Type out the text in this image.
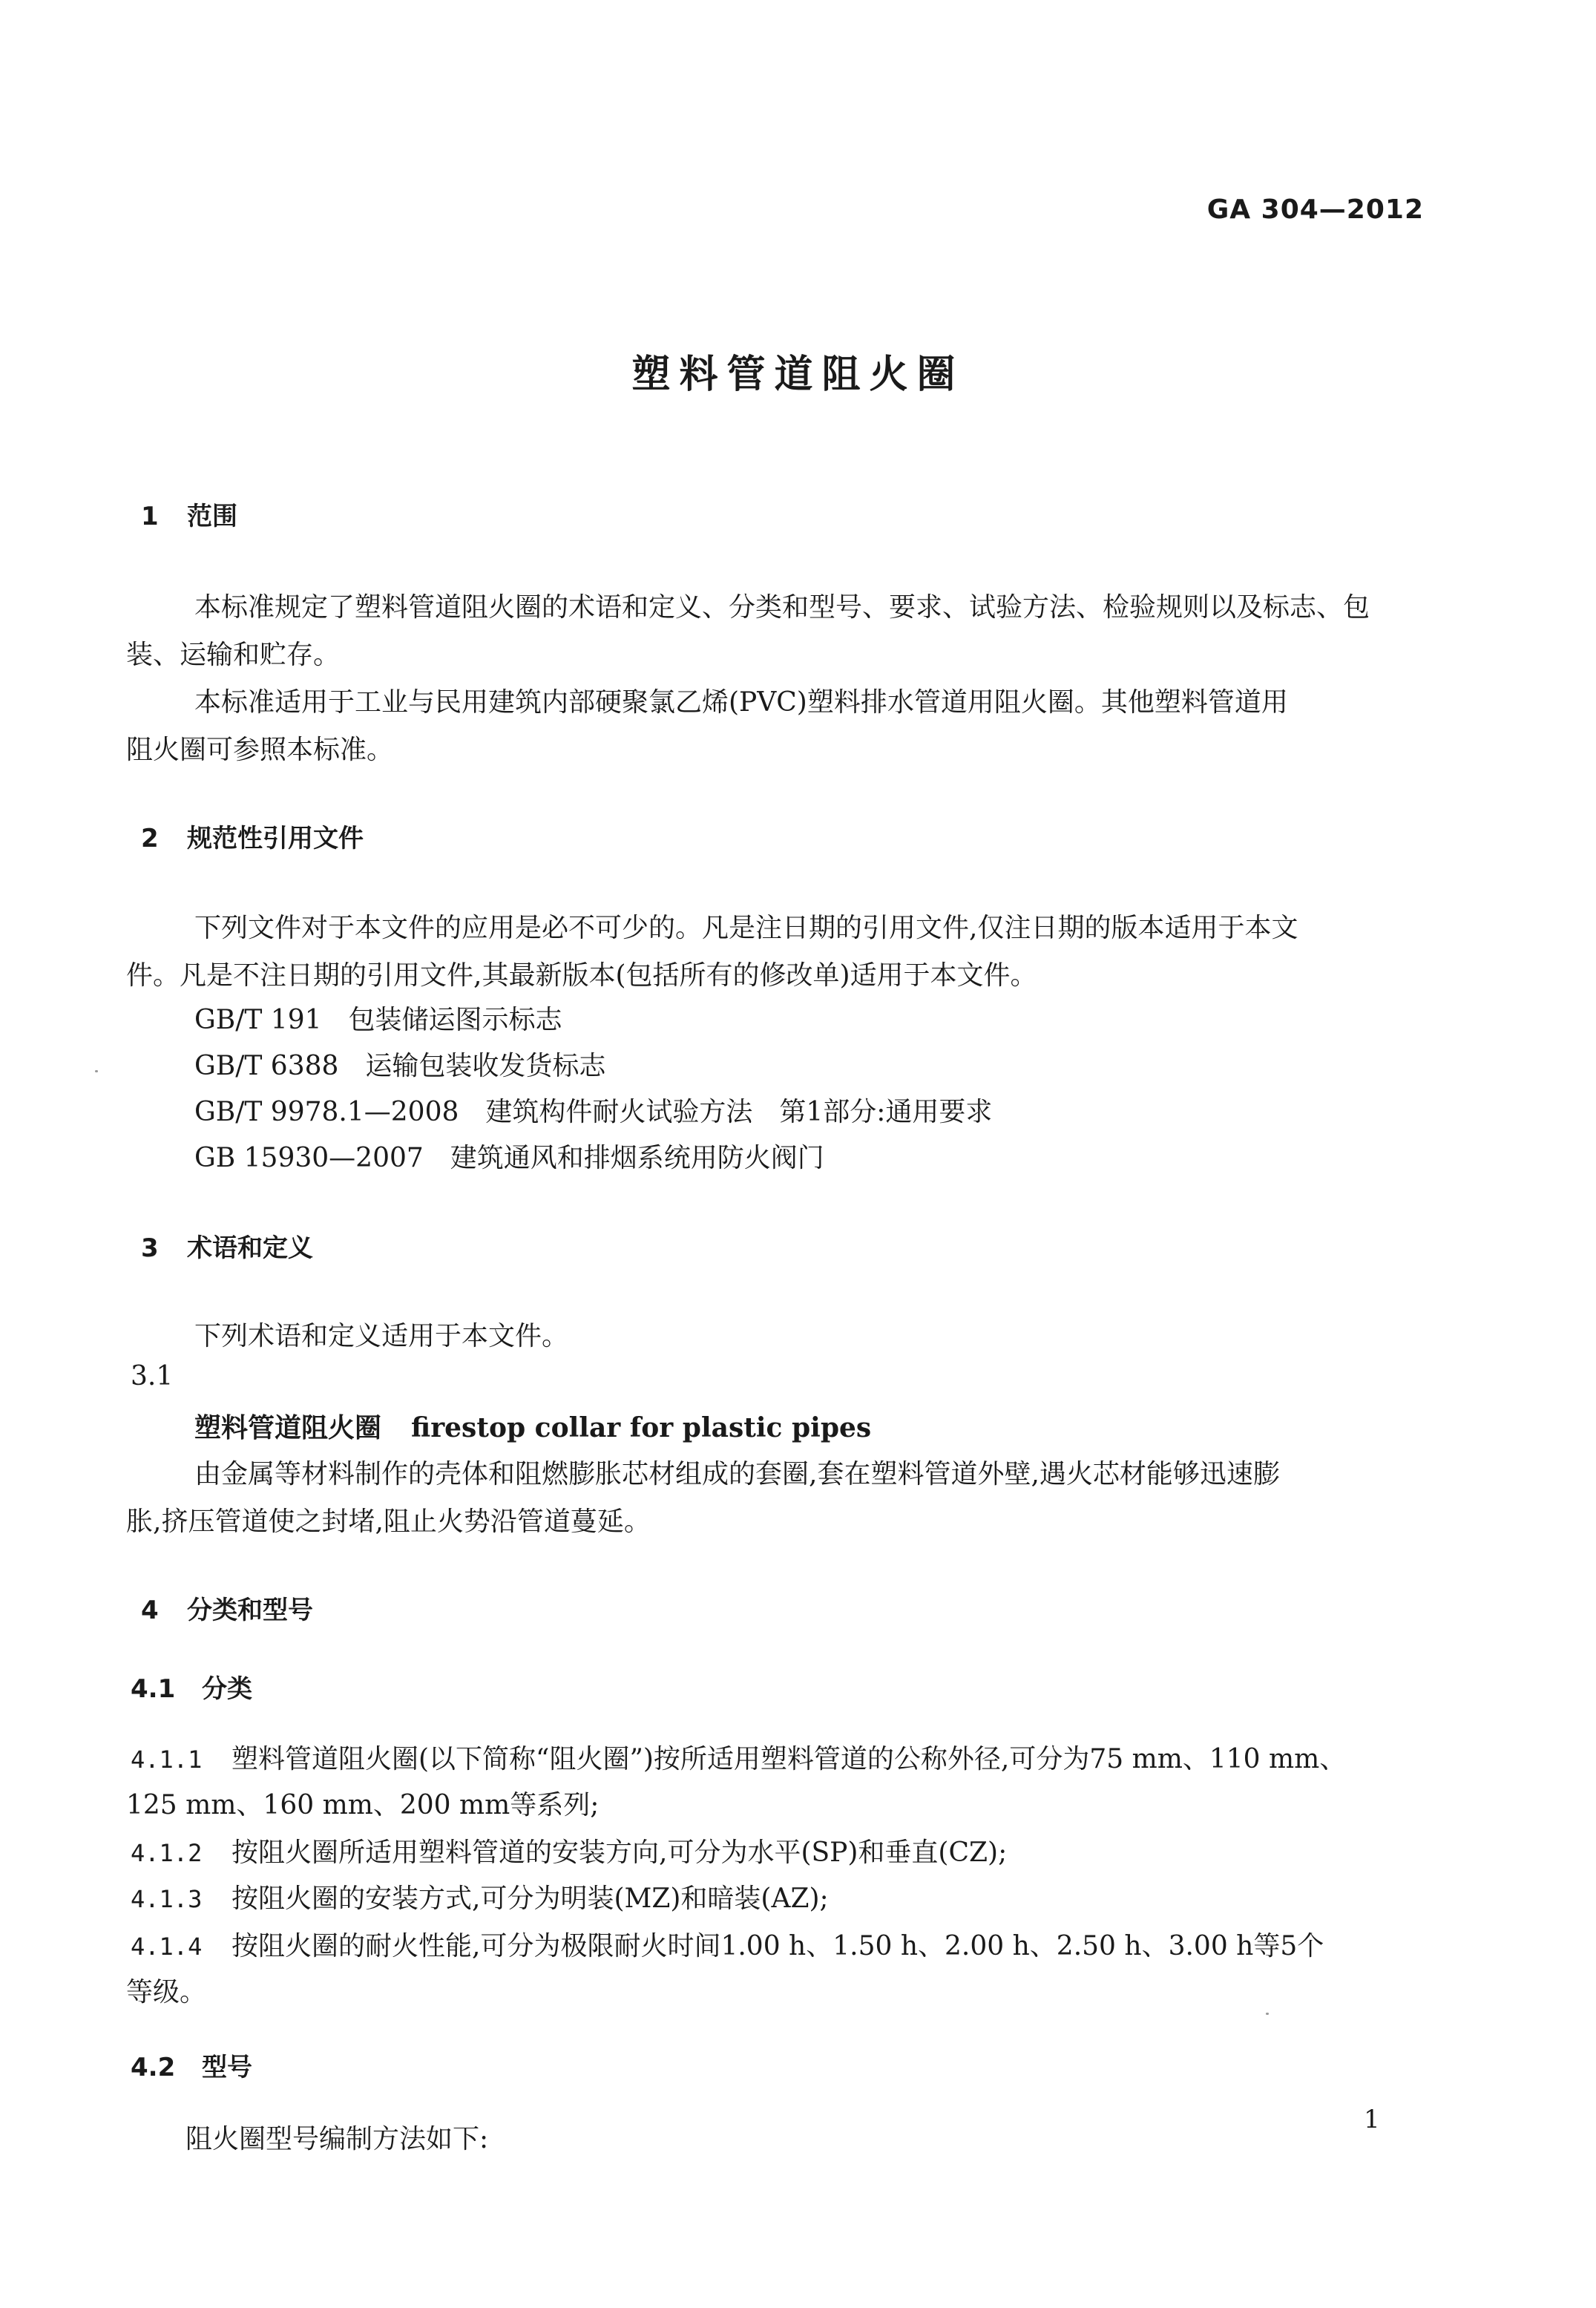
GA 304—2012
塑料管道阻火圈
1 范围
本标准规定了塑料管道阻火圈的术语和定义、分类和型号、要求、试验方法、检验规则以及标志、包
装、运输和贮存。
本标准适用于工业与民用建筑内部硬聚氯乙烯(PVC)塑料排水管道用阻火圈。其他塑料管道用
阻火圈可参照本标准。
2 规范性引用文件
下列文件对于本文件的应用是必不可少的。凡是注日期的引用文件,仅注日期的版本适用于本文
件。凡是不注日期的引用文件,其最新版本(包括所有的修改单)适用于本文件。
GB/T 191 包装储运图示标志
GB/T 6388 运输包装收发货标志
GB/T 9978.1—2008 建筑构件耐火试验方法　第1部分:通用要求
GB 15930—2007 建筑通风和排烟系统用防火阀门
3 术语和定义
下列术语和定义适用于本文件。
3.1
塑料管道阻火圈 firestop collar for plastic pipes
由金属等材料制作的壳体和阻燃膨胀芯材组成的套圈,套在塑料管道外壁,遇火芯材能够迅速膨
胀,挤压管道使之封堵,阻止火势沿管道蔓延。
4 分类和型号
4.1 分类
4.1.1 塑料管道阻火圈(以下简称“阻火圈”)按所适用塑料管道的公称外径,可分为75 mm、110 mm、
125 mm、160 mm、200 mm等系列;
4.1.2 按阻火圈所适用塑料管道的安装方向,可分为水平(SP)和垂直(CZ);
4.1.3 按阻火圈的安装方式,可分为明装(MZ)和暗装(AZ);
4.1.4 按阻火圈的耐火性能,可分为极限耐火时间1.00 h、1.50 h、2.00 h、2.50 h、3.00 h等5个
等级。
4.2 型号
阻火圈型号编制方法如下:
1
